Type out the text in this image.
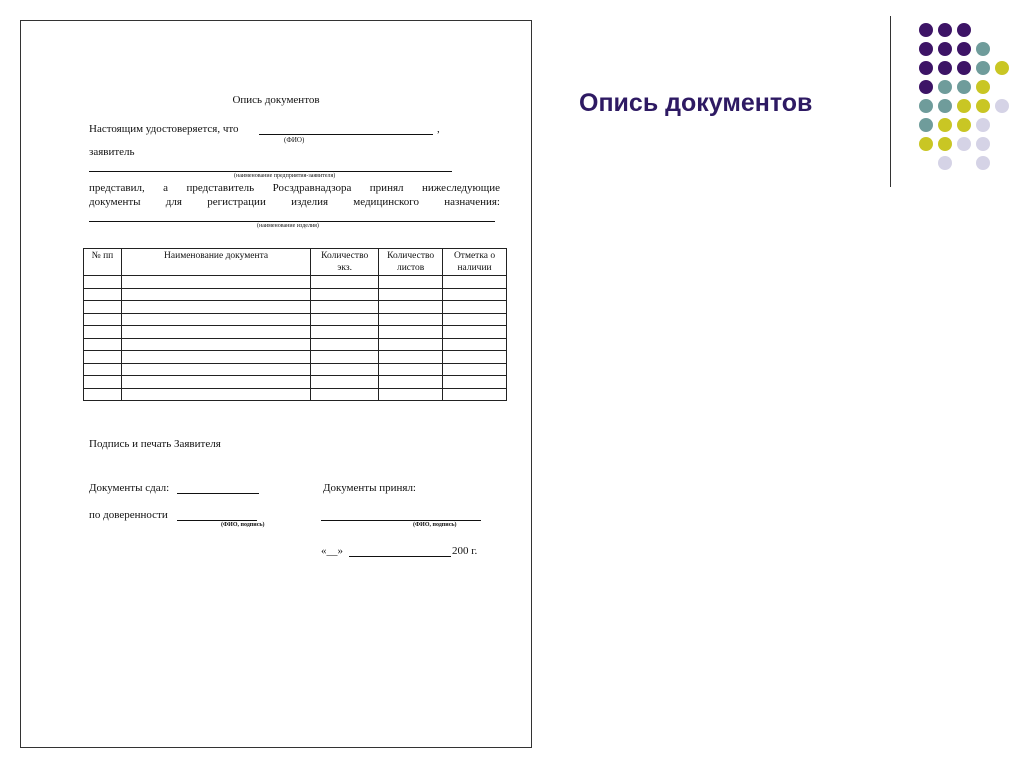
Опись документов
Настоящим удостоверяется, что	,
(ФИО)
заявитель
(наименование предприятия-заявителя)
представил, а представитель Росздравнадзора принял нижеследующие
документы для регистрации изделия медицинского назначения:
(наименование изделия)
№ пп	Наименование документа	Количество экз.	Количество листов	Отметка о наличии

Подпись и печать Заявителя
Документы сдал:	Документы принял:
по доверенности
(ФИО, подпись)	(ФИО, подпись)
«__»	200 г.
Опись документов
